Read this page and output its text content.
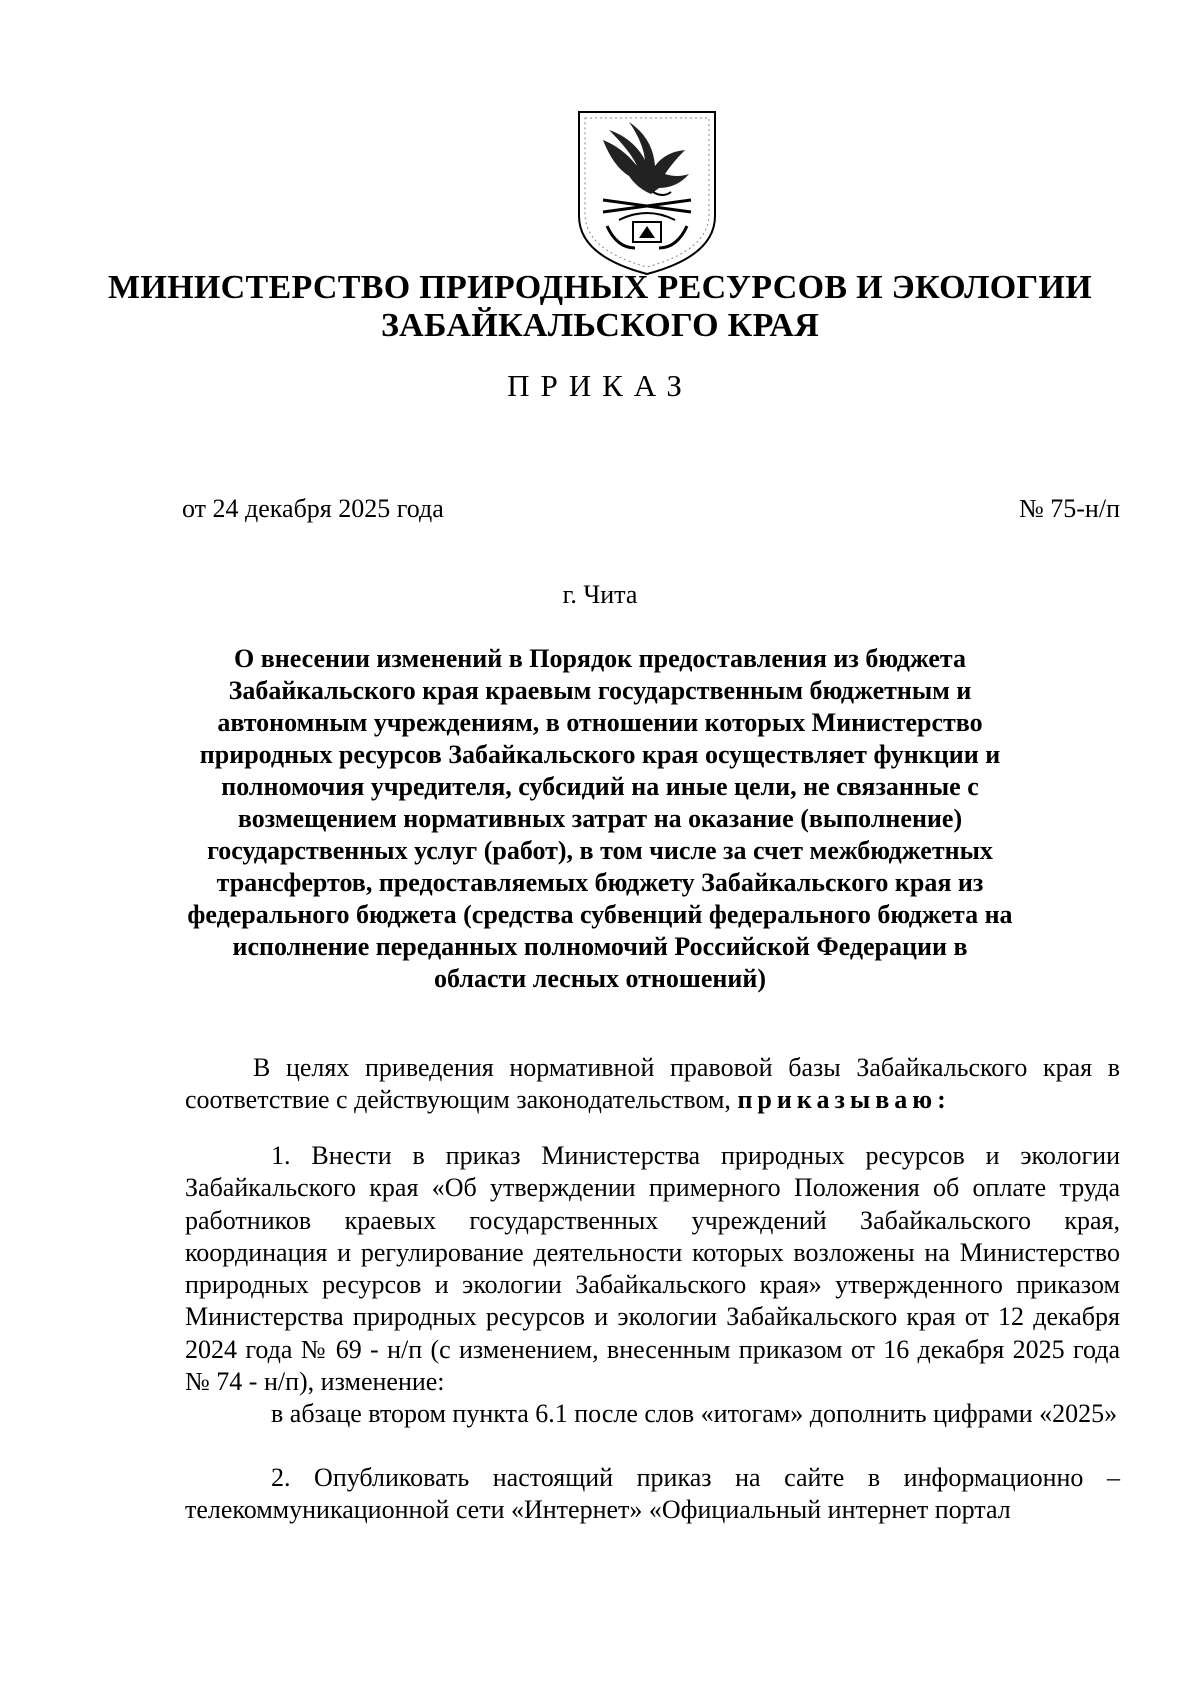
МИНИСТЕРСТВО ПРИРОДНЫХ РЕСУРСОВ И ЭКОЛОГИИ
ЗАБАЙКАЛЬСКОГО КРАЯ
ПРИКАЗ
от 24 декабря 2025 года	№ 75-н/п
г. Чита
О внесении изменений в Порядок предоставления из бюджета Забайкальского края краевым государственным бюджетным и автономным учреждениям, в отношении которых Министерство природных ресурсов Забайкальского края осуществляет функции и полномочия учредителя, субсидий на иные цели, не связанные с возмещением нормативных затрат на оказание (выполнение) государственных услуг (работ), в том числе за счет межбюджетных трансфертов, предоставляемых бюджету Забайкальского края из федерального бюджета (средства субвенций федерального бюджета на исполнение переданных полномочий Российской Федерации в области лесных отношений)
В целях приведения нормативной правовой базы Забайкальского края в соответствие с действующим законодательством, приказываю:
1. Внести в приказ Министерства природных ресурсов и экологии Забайкальского края «Об утверждении примерного Положения об оплате труда работников краевых государственных учреждений Забайкальского края, координация и регулирование деятельности которых возложены на Министерство природных ресурсов и экологии Забайкальского края» утвержденного приказом Министерства природных ресурсов и экологии Забайкальского края от 12 декабря 2024 года № 69 - н/п (с изменением, внесенным приказом от 16 декабря 2025 года № 74 - н/п), изменение:
в абзаце втором пункта 6.1 после слов «итогам» дополнить цифрами «2025»
2. Опубликовать настоящий приказ на сайте в информационно – телекоммуникационной сети «Интернет» «Официальный интернет портал
